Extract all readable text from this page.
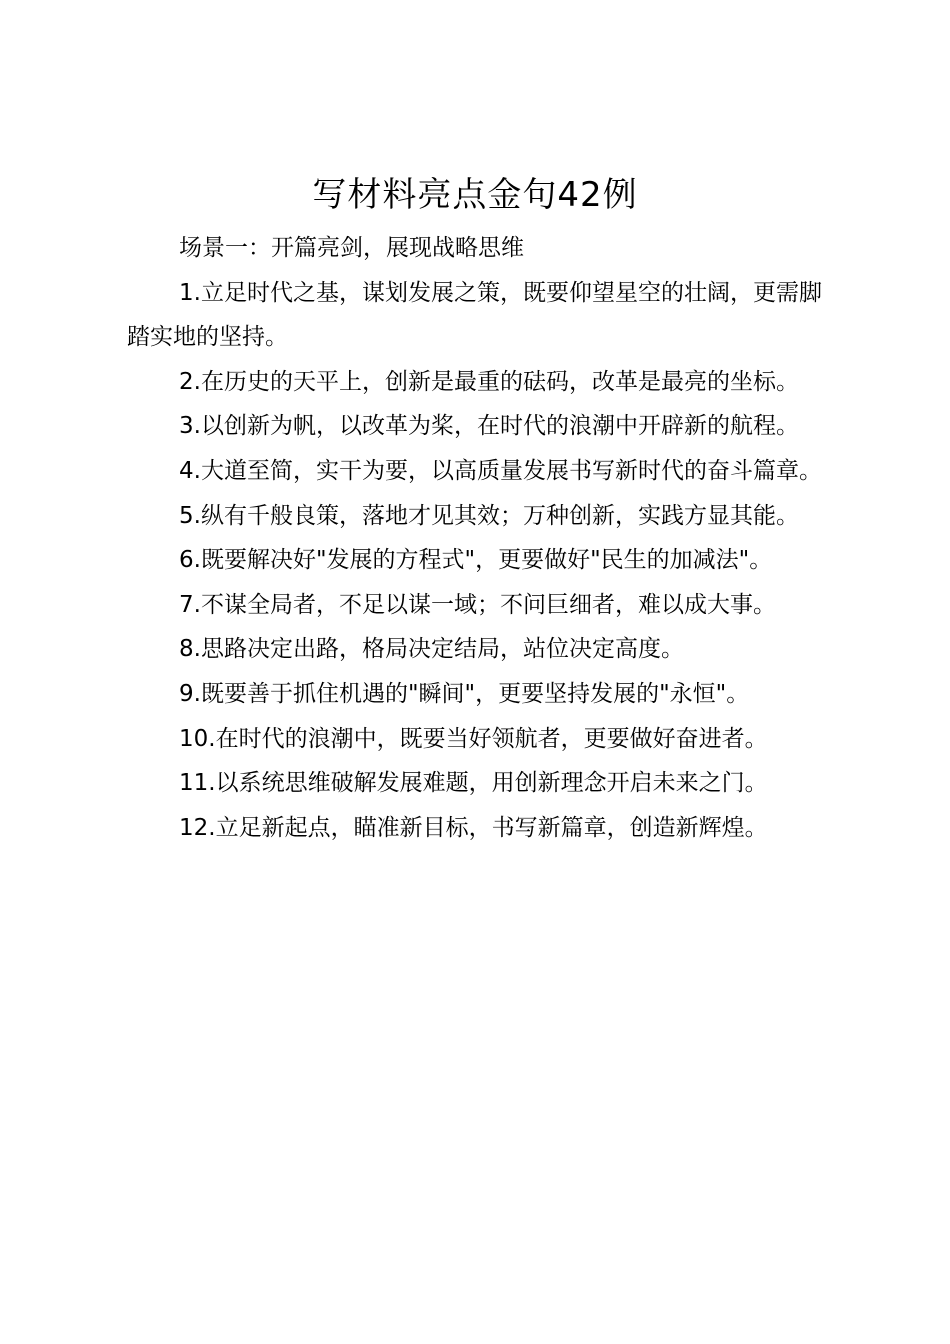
写材料亮点金句42例

场景一：开篇亮剑，展现战略思维

1.立足时代之基，谋划发展之策，既要仰望星空的壮阔，更需脚踏实地的坚持。

2.在历史的天平上，创新是最重的砝码，改革是最亮的坐标。

3.以创新为帆，以改革为桨，在时代的浪潮中开辟新的航程。

4.大道至简，实干为要，以高质量发展书写新时代的奋斗篇章。

5.纵有千般良策，落地才见其效；万种创新，实践方显其能。

6.既要解决好"发展的方程式"，更要做好"民生的加减法"。

7.不谋全局者，不足以谋一域；不问巨细者，难以成大事。

8.思路决定出路，格局决定结局，站位决定高度。

9.既要善于抓住机遇的"瞬间"，更要坚持发展的"永恒"。

10.在时代的浪潮中，既要当好领航者，更要做好奋进者。

11.以系统思维破解发展难题，用创新理念开启未来之门。

12.立足新起点，瞄准新目标，书写新篇章，创造新辉煌。
